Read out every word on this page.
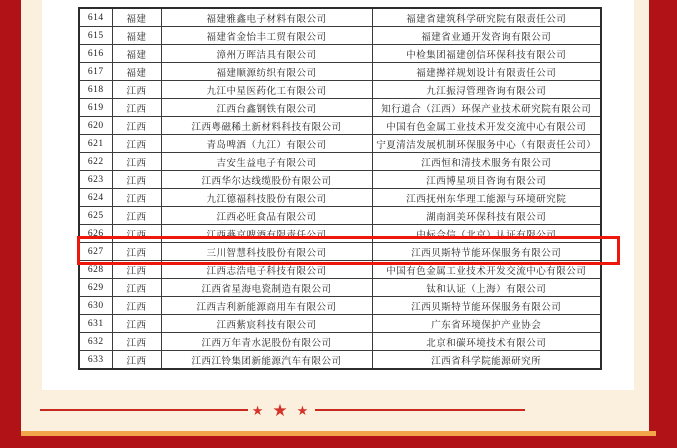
614	福建	福建雅鑫电子材料有限公司	福建省建筑科学研究院有限责任公司
615	福建	福建省金怡丰工贸有限公司	福建省业通开发咨询有限公司
616	福建	漳州万晖洁具有限公司	中检集团福建创信环保科技有限公司
617	福建	福建顺源纺织有限公司	福建撵祥规划设计有限责任公司
618	江西	九江中星医药化工有限公司	九江振浔管理咨询有限公司
619	江西	江西台鑫钢铁有限公司	知行道合（江西）环保产业技术研究院有限公司
620	江西	江西粤磁稀土新材料科技有限公司	中国有色金属工业技术开发交流中心有限公司
621	江西	青岛啤酒（九江）有限公司	宁夏清洁发展机制环保服务中心（有限责任公司）
622	江西	吉安生益电子有限公司	江西恒和清技术服务有限公司
623	江西	江西华尔达线缆股份有限公司	江西博星项目咨询有限公司
624	江西	九江德福科技股份有限公司	江西抚州东华理工能源与环境研究院
625	江西	江西必旺食品有限公司	湖南润美环保科技有限公司
626	江西	江西燕京啤酒有限责任公司	中标合信（北京）认证有限公司
627	江西	三川智慧科技股份有限公司	江西贝斯特节能环保服务有限公司
628	江西	江西志浩电子科技有限公司	中国有色金属工业技术开发交流中心有限公司
629	江西	江西省星海电瓷制造有限公司	钛和认证（上海）有限公司
630	江西	江西吉利新能源商用车有限公司	江西贝斯特节能环保服务有限公司
631	江西	江西紫宸科技有限公司	广东省环境保护产业协会
632	江西	江西万年青水泥股份有限公司	北京和碳环境技术有限公司
633	江西	江西江铃集团新能源汽车有限公司	江西省科学院能源研究所
★ ★ ★
